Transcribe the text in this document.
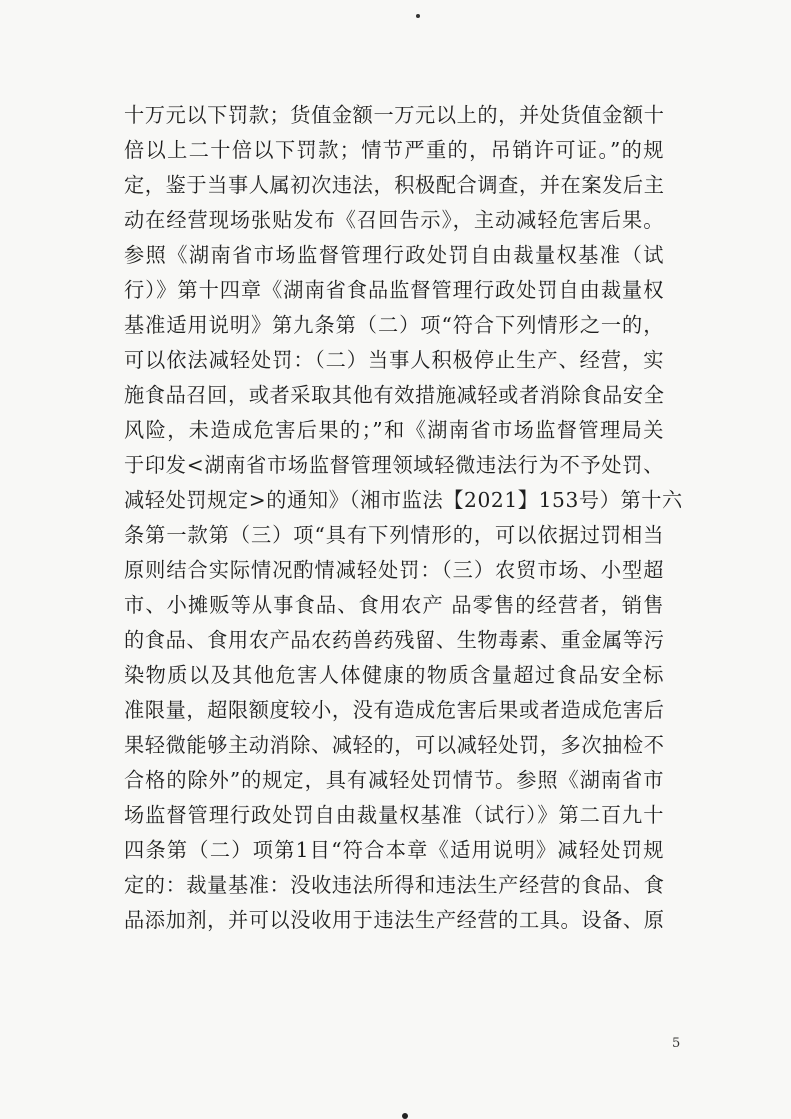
十万元以下罚款；货值金额一万元以上的，并处货值金额十
倍以上二十倍以下罚款；情节严重的，吊销许可证。”的规
定，鉴于当事人属初次违法，积极配合调查，并在案发后主
动在经营现场张贴发布《召回告示》，主动减轻危害后果。
参照《湖南省市场监督管理行政处罚自由裁量权基准（试
行）》第十四章《湖南省食品监督管理行政处罚自由裁量权
基准适用说明》第九条第（二）项“符合下列情形之一的，
可以依法减轻处罚：（二）当事人积极停止生产、经营，实
施食品召回，或者采取其他有效措施减轻或者消除食品安全
风险，未造成危害后果的；”和《湖南省市场监督管理局关
于印发<湖南省市场监督管理领域轻微违法行为不予处罚、
减轻处罚规定>的通知》（湘市监法【2021】153号）第十六
条第一款第（三）项“具有下列情形的，可以依据过罚相当
原则结合实际情况酌情减轻处罚：（三）农贸市场、小型超
市、小摊贩等从事食品、食用农产 品零售的经营者，销售
的食品、食用农产品农药兽药残留、生物毒素、重金属等污
染物质以及其他危害人体健康的物质含量超过食品安全标
准限量，超限额度较小，没有造成危害后果或者造成危害后
果轻微能够主动消除、减轻的，可以减轻处罚，多次抽检不
合格的除外”的规定，具有减轻处罚情节。参照《湖南省市
场监督管理行政处罚自由裁量权基准（试行）》第二百九十
四条第（二）项第1目“符合本章《适用说明》减轻处罚规
定的：裁量基准：没收违法所得和违法生产经营的食品、食
品添加剂，并可以没收用于违法生产经营的工具。设备、原
5
